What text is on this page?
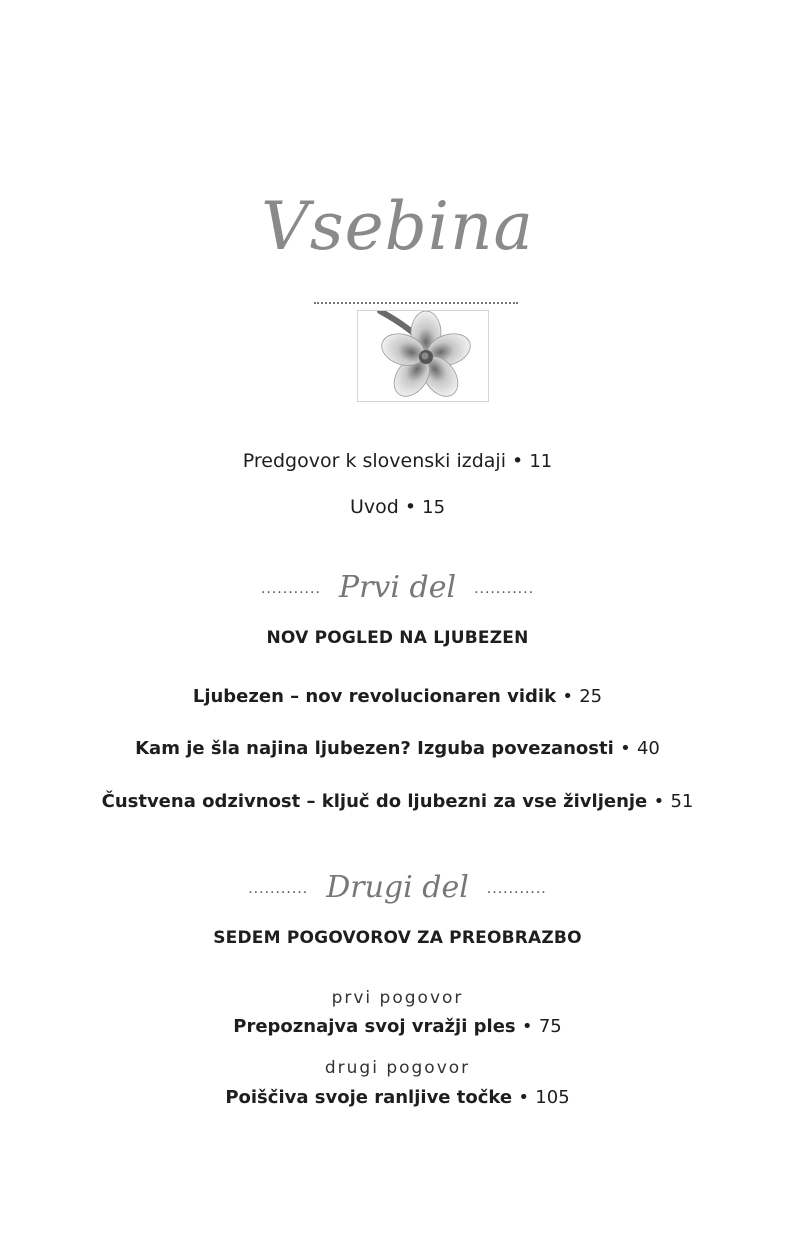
Vsebina
Predgovor k slovenski izdaji • 11
Uvod • 15
........... Prvi del ...........
NOV POGLED NA LJUBEZEN
Ljubezen – nov revolucionaren vidik • 25
Kam je šla najina ljubezen? Izguba povezanosti • 40
Čustvena odzivnost – ključ do ljubezni za vse življenje • 51
........... Drugi del ...........
SEDEM POGOVOROV ZA PREOBRAZBO
prvi pogovor
Prepoznajva svoj vražji ples • 75
drugi pogovor
Poiščiva svoje ranljive točke • 105
